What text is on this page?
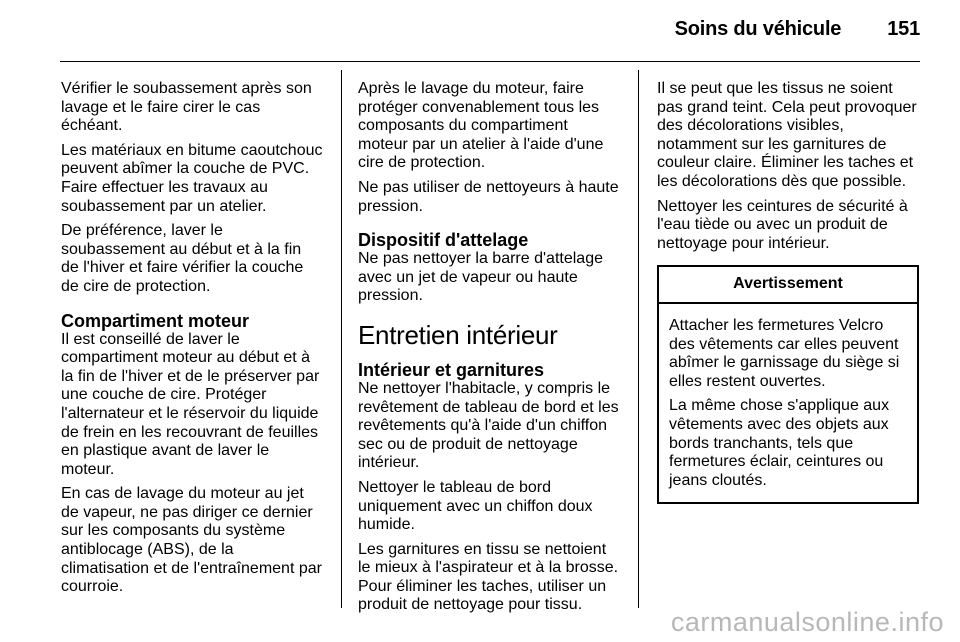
Soins du véhicule 151

Vérifier le soubassement après son lavage et le faire cirer le cas échéant.

Les matériaux en bitume caoutchouc peuvent abîmer la couche de PVC. Faire effectuer les travaux au soubassement par un atelier.

De préférence, laver le soubassement au début et à la fin de l'hiver et faire vérifier la couche de cire de protection.

Compartiment moteur

Il est conseillé de laver le compartiment moteur au début et à la fin de l'hiver et de le préserver par une couche de cire. Protéger l'alternateur et le réservoir du liquide de frein en les recouvrant de feuilles en plastique avant de laver le moteur.

En cas de lavage du moteur au jet de vapeur, ne pas diriger ce dernier sur les composants du système antiblocage (ABS), de la climatisation et de l'entraînement par courroie.

Après le lavage du moteur, faire protéger convenablement tous les composants du compartiment moteur par un atelier à l'aide d'une cire de protection.

Ne pas utiliser de nettoyeurs à haute pression.

Dispositif d'attelage

Ne pas nettoyer la barre d'attelage avec un jet de vapeur ou haute pression.

Entretien intérieur
Intérieur et garnitures

Ne nettoyer l'habitacle, y compris le revêtement de tableau de bord et les revêtements qu'à l'aide d'un chiffon sec ou de produit de nettoyage intérieur.

Nettoyer le tableau de bord uniquement avec un chiffon doux humide.

Les garnitures en tissu se nettoient le mieux à l'aspirateur et à la brosse. Pour éliminer les taches, utiliser un produit de nettoyage pour tissu.

Il se peut que les tissus ne soient pas grand teint. Cela peut provoquer des décolorations visibles, notamment sur les garnitures de couleur claire. Éliminer les taches et les décolorations dès que possible.

Nettoyer les ceintures de sécurité à l'eau tiède ou avec un produit de nettoyage pour intérieur.

Avertissement

Attacher les fermetures Velcro des vêtements car elles peuvent abîmer le garnissage du siège si elles restent ouvertes.

La même chose s'applique aux vêtements avec des objets aux bords tranchants, tels que fermetures éclair, ceintures ou jeans cloutés.

carmanualsonline.info
